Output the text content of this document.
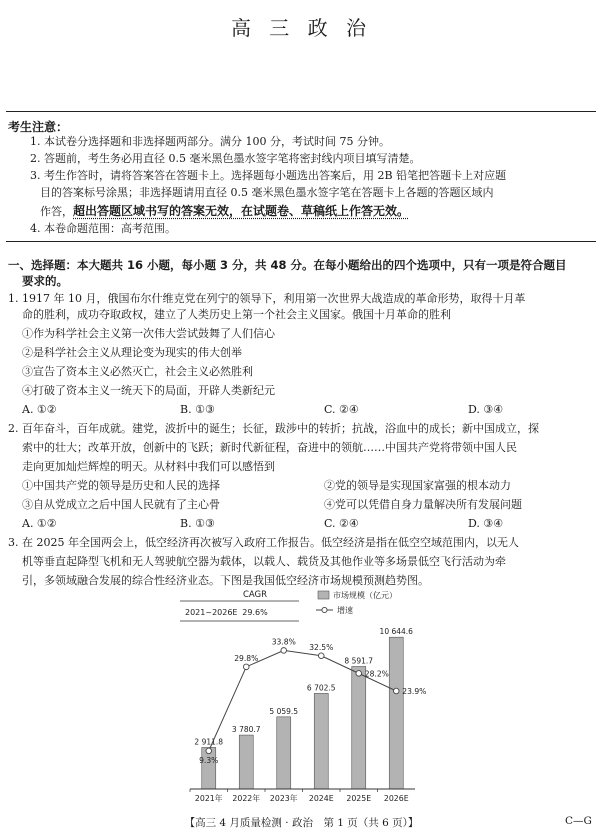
高 三 政 治
考生注意：
1. 本试卷分选择题和非选择题两部分。满分 100 分，考试时间 75 分钟。
2. 答题前，考生务必用直径 0.5 毫米黑色墨水签字笔将密封线内项目填写清楚。
3. 考生作答时，请将答案答在答题卡上。选择题每小题选出答案后，用 2B 铅笔把答题卡上对应题
目的答案标号涂黑；非选择题请用直径 0.5 毫米黑色墨水签字笔在答题卡上各题的答题区域内
作答，超出答题区域书写的答案无效，在试题卷、草稿纸上作答无效。
4. 本卷命题范围：高考范围。
一、选择题：本大题共 16 小题，每小题 3 分，共 48 分。在每小题给出的四个选项中，只有一项是符合题目
要求的。
1. 1917 年 10 月，俄国布尔什维克党在列宁的领导下，利用第一次世界大战造成的革命形势，取得十月革
命的胜利，成功夺取政权，建立了人类历史上第一个社会主义国家。俄国十月革命的胜利
①作为科学社会主义第一次伟大尝试鼓舞了人们信心
②是科学社会主义从理论变为现实的伟大创举
③宣告了资本主义必然灭亡，社会主义必然胜利
④打破了资本主义一统天下的局面，开辟人类新纪元
A. ①②	B. ①③	C. ②④	D. ③④
2. 百年奋斗，百年成就。建党，波折中的诞生；长征，跋涉中的转折；抗战，浴血中的成长；新中国成立，探
索中的壮大；改革开放，创新中的飞跃；新时代新征程，奋进中的领航……中国共产党将带领中国人民
走向更加灿烂辉煌的明天。从材料中我们可以感悟到
①中国共产党的领导是历史和人民的选择	②党的领导是实现国家富强的根本动力
③自从党成立之后中国人民就有了主心骨	④党可以凭借自身力量解决所有发展问题
A. ①②	B. ①③	C. ②④	D. ③④
3. 在 2025 年全国两会上，低空经济再次被写入政府工作报告。低空经济是指在低空空域范围内，以无人
机等垂直起降型飞机和无人驾驶航空器为载体，以载人、载货及其他作业等多场景低空飞行活动为牵
引，多领域融合发展的综合性经济业态。下图是我国低空经济市场规模预测趋势图。
CAGR
2021~2026E 29.6%
市场规模（亿元）
增速
2 911.8
2021年
3 780.7
2022年
5 059.5
2023年
6 702.5
2024E
8 591.7
2025E
10 644.6
2026E
9.3%
29.8%
33.8%
32.5%
28.2%
23.9%
【高三 4 月质量检测 · 政治　第 1 页（共 6 页）】	C—G
